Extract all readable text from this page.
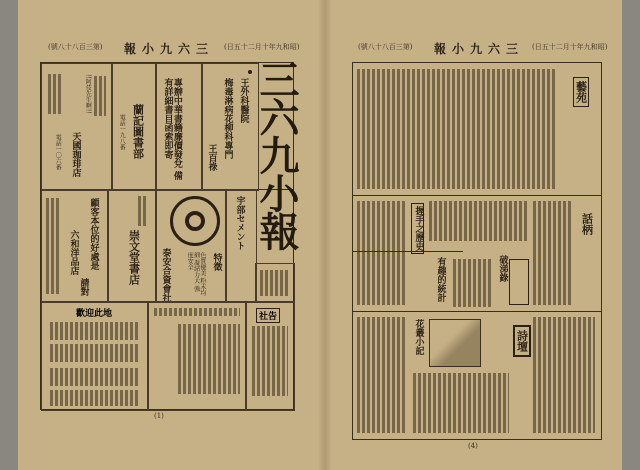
(號八十八百三第) 報小九六三 (日五十二月十年九和昭)	(號八十八百三第) 報小九六三 (日五十二月十年九和昭)
天國珈琲店
!!阿伎先生啊!!
電話一〇六番	蘭記圖書部
電話一九八番	專辦中華書籍廉價發兌 備有詳細書目函索即寄	王外科醫院
梅毒淋病花柳科專門
王百祿 三六九小報
顧客本位的好處是
六和洋品店
請對
崇文堂書店 泰安合資會社	色質優美 粉末均細 凝結力大 強度安全
宇部セメント
特徵
歡迎此地	社告
(1)
藝苑
握手之歷史	話柄
有趣的統計	破涕錄
花叢小記	詩壇
(4)
